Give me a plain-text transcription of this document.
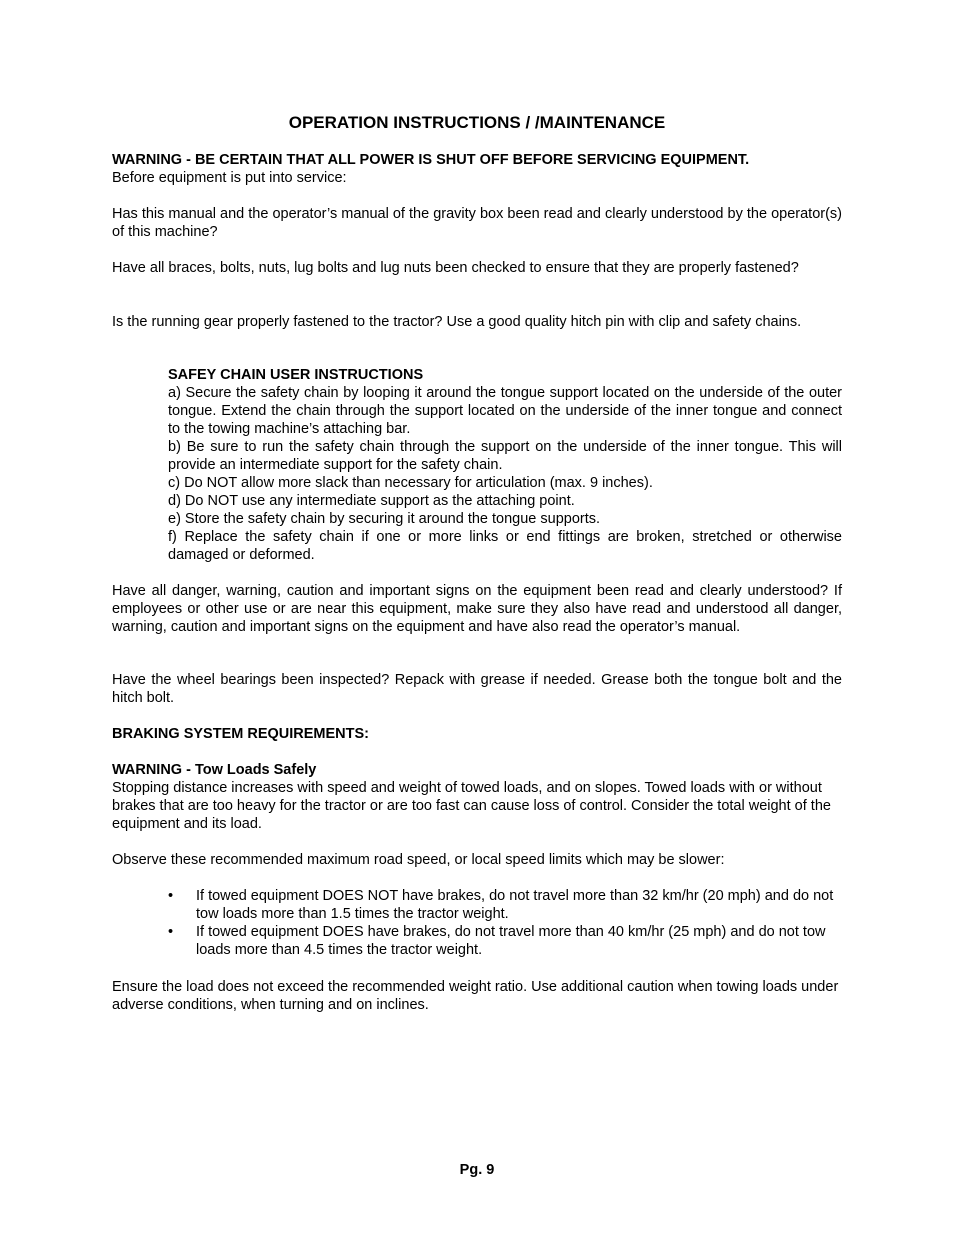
OPERATION INSTRUCTIONS / /MAINTENANCE
WARNING - BE CERTAIN THAT ALL POWER IS SHUT OFF BEFORE SERVICING EQUIPMENT.
Before equipment is put into service:

Has this manual and the operator’s manual of the gravity box been read and clearly understood by the operator(s) of this machine?

Have all braces, bolts, nuts, lug bolts and lug nuts been checked to ensure that they are properly fastened?

Is the running gear properly fastened to the tractor? Use a good quality hitch pin with clip and safety chains.

SAFEY CHAIN USER INSTRUCTIONS

a) Secure the safety chain by looping it around the tongue support located on the underside of the outer tongue. Extend the chain through the support located on the underside of the inner tongue and connect to the towing machine’s attaching bar.

b) Be sure to run the safety chain through the support on the underside of the inner tongue. This will provide an intermediate support for the safety chain.

c) Do NOT allow more slack than necessary for articulation (max. 9 inches).

d) Do NOT use any intermediate support as the attaching point.

e) Store the safety chain by securing it around the tongue supports.

f) Replace the safety chain if one or more links or end fittings are broken, stretched or otherwise damaged or deformed.

Have all danger, warning, caution and important signs on the equipment been read and clearly understood? If employees or other use or are near this equipment, make sure they also have read and understood all danger, warning, caution and important signs on the equipment and have also read the operator’s manual.

Have the wheel bearings been inspected? Repack with grease if needed. Grease both the tongue bolt and the hitch bolt.

BRAKING SYSTEM REQUIREMENTS:
WARNING - Tow Loads Safely

Stopping distance increases with speed and weight of towed loads, and on slopes. Towed loads with or without brakes that are too heavy for the tractor or are too fast can cause loss of control. Consider the total weight of the equipment and its load.

Observe these recommended maximum road speed, or local speed limits which may be slower:

• If towed equipment DOES NOT have brakes, do not travel more than 32 km/hr (20 mph) and do not tow loads more than 1.5 times the tractor weight.
• If towed equipment DOES have brakes, do not travel more than 40 km/hr (25 mph) and do not tow loads more than 4.5 times the tractor weight.

Ensure the load does not exceed the recommended weight ratio. Use additional caution when towing loads under adverse conditions, when turning and on inclines.

Pg. 9
